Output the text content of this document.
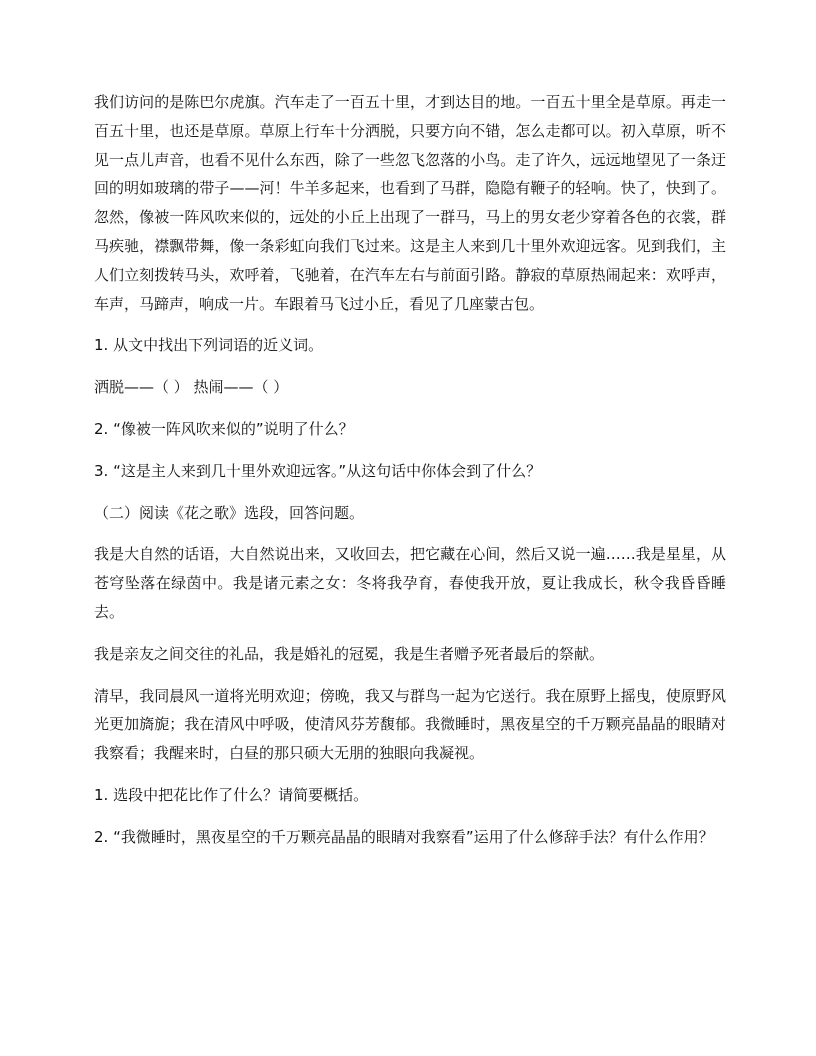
我们访问的是陈巴尔虎旗。汽车走了一百五十里，才到达目的地。一百五十里全是草原。再走一百五十里，也还是草原。草原上行车十分洒脱，只要方向不错，怎么走都可以。初入草原，听不见一点儿声音，也看不见什么东西，除了一些忽飞忽落的小鸟。走了许久，远远地望见了一条迂回的明如玻璃的带子——河！牛羊多起来，也看到了马群，隐隐有鞭子的轻响。快了，快到了。忽然，像被一阵风吹来似的，远处的小丘上出现了一群马，马上的男女老少穿着各色的衣裳，群马疾驰，襟飘带舞，像一条彩虹向我们飞过来。这是主人来到几十里外欢迎远客。见到我们，主人们立刻拨转马头，欢呼着，飞驰着，在汽车左右与前面引路。静寂的草原热闹起来：欢呼声，车声，马蹄声，响成一片。车跟着马飞过小丘，看见了几座蒙古包。

1. 从文中找出下列词语的近义词。

洒脱——（ ） 热闹——（ ）

2. “像被一阵风吹来似的”说明了什么？

3. “这是主人来到几十里外欢迎远客。”从这句话中你体会到了什么？

（二）阅读《花之歌》选段，回答问题。

我是大自然的话语，大自然说出来，又收回去，把它藏在心间，然后又说一遍……我是星星，从苍穹坠落在绿茵中。我是诸元素之女：冬将我孕育，春使我开放，夏让我成长，秋令我昏昏睡去。

我是亲友之间交往的礼品，我是婚礼的冠冕，我是生者赠予死者最后的祭献。

清早，我同晨风一道将光明欢迎；傍晚，我又与群鸟一起为它送行。我在原野上摇曳，使原野风光更加旖旎；我在清风中呼吸，使清风芬芳馥郁。我微睡时，黑夜星空的千万颗亮晶晶的眼睛对我察看；我醒来时，白昼的那只硕大无朋的独眼向我凝视。

1. 选段中把花比作了什么？请简要概括。

2. “我微睡时，黑夜星空的千万颗亮晶晶的眼睛对我察看”运用了什么修辞手法？有什么作用？
